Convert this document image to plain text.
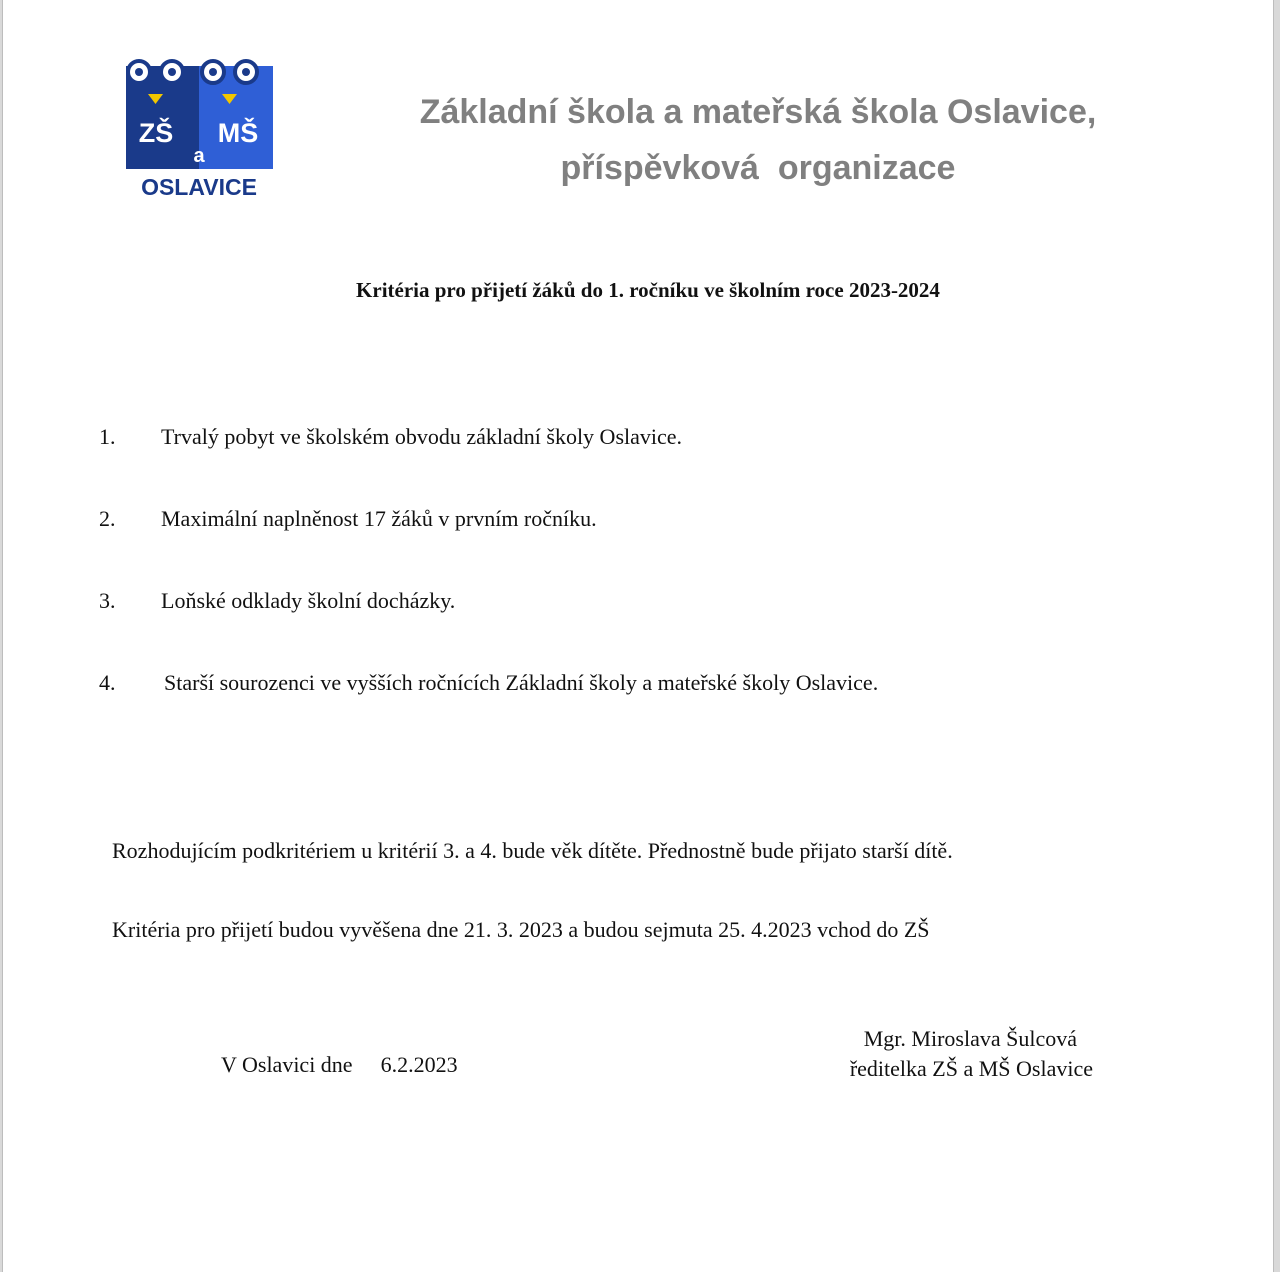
ZŠ MŠ
a
OSLAVICE
Základní škola a mateřská škola Oslavice,
příspěvková  organizace
Kritéria pro přijetí žáků do 1. ročníku ve školním roce 2023-2024
1. Trvalý pobyt ve školském obvodu základní školy Oslavice.
2. Maximální naplněnost 17 žáků v prvním ročníku.
3. Loňské odklady školní docházky.
4. Starší sourozenci ve vyšších ročnících Základní školy a mateřské školy Oslavice.
Rozhodujícím podkritériem u kritérií 3. a 4. bude věk dítěte. Přednostně bude přijato starší dítě.
Kritéria pro přijetí budou vyvěšena dne 21. 3. 2023 a budou sejmuta 25. 4.2023 vchod do ZŠ
V Oslavici dne 6.2.2023
Mgr. Miroslava Šulcová
ředitelka ZŠ a MŠ Oslavice
